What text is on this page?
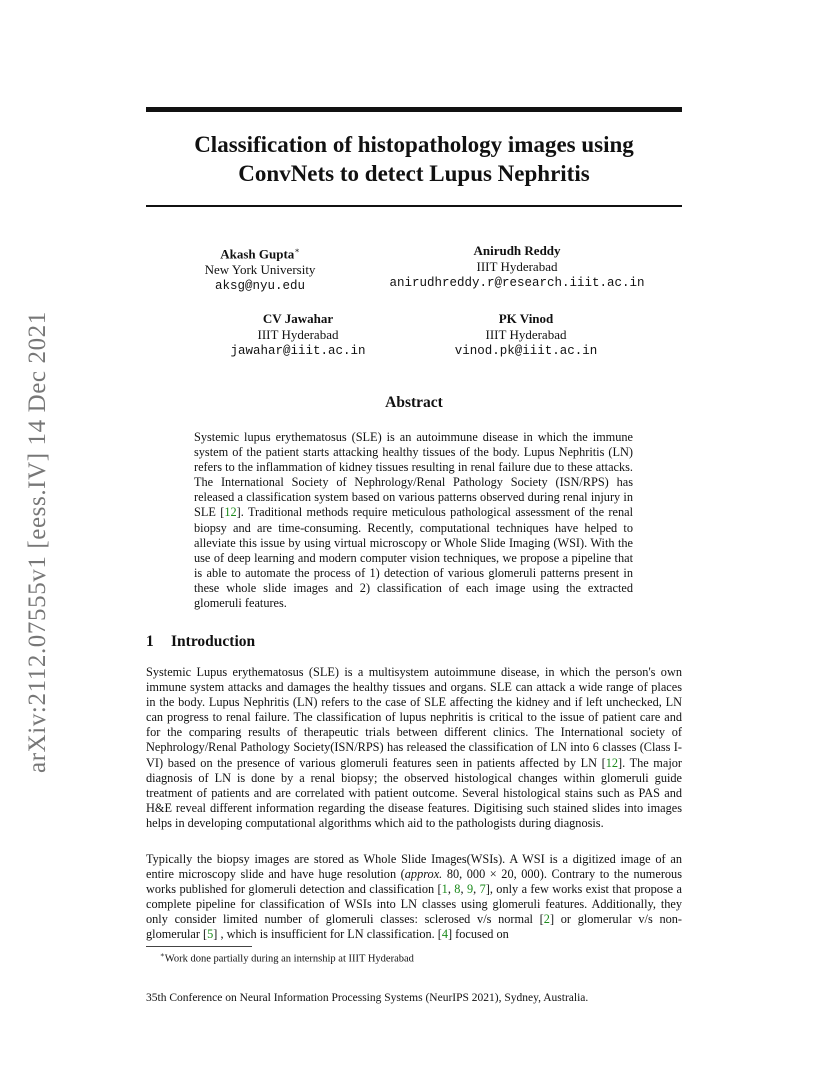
arXiv:2112.07555v1 [eess.IV] 14 Dec 2021
Classification of histopathology images using
ConvNets to detect Lupus Nephritis
Akash Gupta∗
New York University
aksg@nyu.edu
Anirudh Reddy
IIIT Hyderabad
anirudhreddy.r@research.iiit.ac.in
CV Jawahar
IIIT Hyderabad
jawahar@iiit.ac.in
PK Vinod
IIIT Hyderabad
vinod.pk@iiit.ac.in
Abstract
Systemic lupus erythematosus (SLE) is an autoimmune disease in which the immune system of the patient starts attacking healthy tissues of the body. Lupus Nephritis (LN) refers to the inflammation of kidney tissues resulting in renal failure due to these attacks. The International Society of Nephrology/Renal Pathology Society (ISN/RPS) has released a classification system based on various patterns observed during renal injury in SLE [12]. Traditional methods require meticulous pathological assessment of the renal biopsy and are time-consuming. Recently, computational techniques have helped to alleviate this issue by using virtual microscopy or Whole Slide Imaging (WSI). With the use of deep learning and modern computer vision techniques, we propose a pipeline that is able to automate the process of 1) detection of various glomeruli patterns present in these whole slide images and 2) classification of each image using the extracted glomeruli features.
1 Introduction

Systemic Lupus erythematosus (SLE) is a multisystem autoimmune disease, in which the person's own immune system attacks and damages the healthy tissues and organs. SLE can attack a wide range of places in the body. Lupus Nephritis (LN) refers to the case of SLE affecting the kidney and if left unchecked, LN can progress to renal failure. The classification of lupus nephritis is critical to the issue of patient care and for the comparing results of therapeutic trials between different clinics. The International society of Nephrology/Renal Pathology Society(ISN/RPS) has released the classification of LN into 6 classes (Class I-VI) based on the presence of various glomeruli features seen in patients affected by LN [12]. The major diagnosis of LN is done by a renal biopsy; the observed histological changes within glomeruli guide treatment of patients and are correlated with patient outcome. Several histological stains such as PAS and H&E reveal different information regarding the disease features. Digitising such stained slides into images helps in developing computational algorithms which aid to the pathologists during diagnosis.

Typically the biopsy images are stored as Whole Slide Images(WSIs). A WSI is a digitized image of an entire microscopy slide and have huge resolution (approx. 80, 000 × 20, 000). Contrary to the numerous works published for glomeruli detection and classification [1, 8, 9, 7], only a few works exist that propose a complete pipeline for classification of WSIs into LN classes using glomeruli features. Additionally, they only consider limited number of glomeruli classes: sclerosed v/s normal [2] or glomerular v/s non-glomerular [5] , which is insufficient for LN classification. [4] focused on

∗Work done partially during an internship at IIIT Hyderabad
35th Conference on Neural Information Processing Systems (NeurIPS 2021), Sydney, Australia.
